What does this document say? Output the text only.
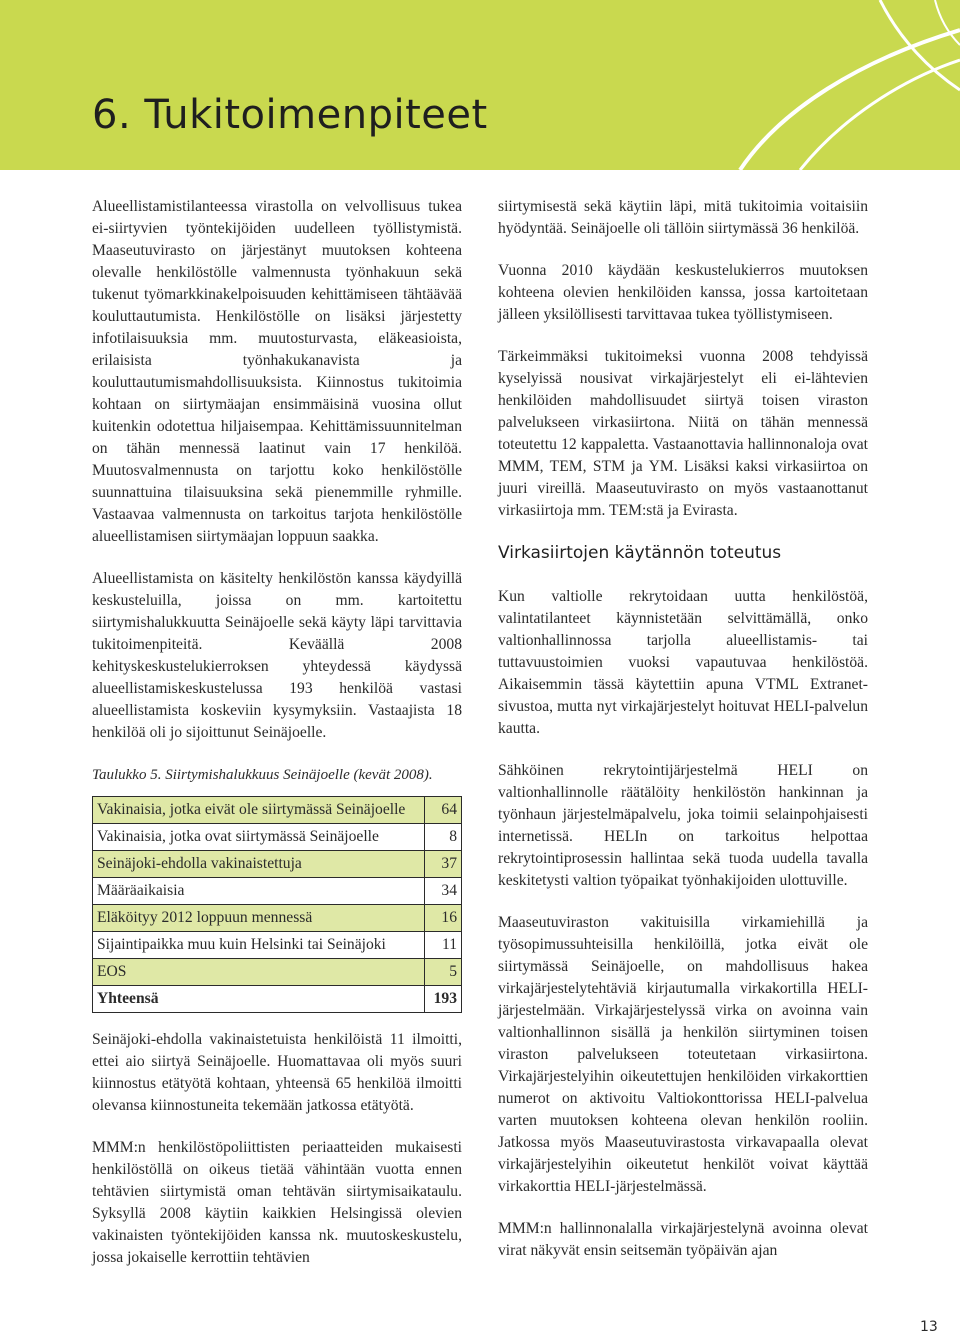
6. Tukitoimenpiteet

Alueellistamistilanteessa virastolla on velvollisuus tukea ei-siirtyvien työntekijöiden uudelleen työllistymistä. Maaseutuvirasto on järjestänyt muutoksen kohteena olevalle henkilöstölle valmennusta työnhakuun sekä tukenut työmarkkinakelpoisuuden kehittämiseen tähtäävää kouluttautumista. Henkilöstölle on lisäksi järjestetty infotilaisuuksia mm. muutosturvasta, eläkeasioista, erilaisista työnhakukanavista ja kouluttautumismahdollisuuksista. Kiinnostus tukitoimia kohtaan on siirtymäajan ensimmäisinä vuosina ollut kuitenkin odotettua hiljaisempaa. Kehittämissuunnitelman on tähän mennessä laatinut vain 17 henkilöä. Muutosvalmennusta on tarjottu koko henkilöstölle suunnattuina tilaisuuksina sekä pienemmille ryhmille. Vastaavaa valmennusta on tarkoitus tarjota henkilöstölle alueellistamisen siirtymäajan loppuun saakka.

Alueellistamista on käsitelty henkilöstön kanssa käydyillä keskusteluilla, joissa on mm. kartoitettu siirtymishalukkuutta Seinäjoelle sekä käyty läpi tarvittavia tukitoimenpiteitä. Keväällä 2008 kehityskeskustelukierroksen yhteydessä käydyssä alueellistamiskeskustelussa 193 henkilöä vastasi alueellistamista koskeviin kysymyksiin. Vastaajista 18 henkilöä oli jo sijoittunut Seinäjoelle.

Taulukko 5. Siirtymishalukkuus Seinäjoelle (kevät 2008).
Vakinaisia, jotka eivät ole siirtymässä Seinäjoelle	64
Vakinaisia, jotka ovat siirtymässä Seinäjoelle	8
Seinäjoki-ehdolla vakinaistettuja	37
Määräaikaisia	34
Eläköityy 2012 loppuun mennessä	16
Sijaintipaikka muu kuin Helsinki tai Seinäjoki	11
EOS	5
Yhteensä	193

Seinäjoki-ehdolla vakinaistetuista henkilöistä 11 ilmoitti, ettei aio siirtyä Seinäjoelle. Huomattavaa oli myös suuri kiinnostus etätyötä kohtaan, yhteensä 65 henkilöä ilmoitti olevansa kiinnostuneita tekemään jatkossa etätyötä.

MMM:n henkilöstöpoliittisten periaatteiden mukaisesti henkilöstöllä on oikeus tietää vähintään vuotta ennen tehtävien siirtymistä oman tehtävän siirtymisaikataulu. Syksyllä 2008 käytiin kaikkien Helsingissä olevien vakinaisten työntekijöiden kanssa nk. muutoskeskustelu, jossa jokaiselle kerrottiin tehtävien

siirtymisestä sekä käytiin läpi, mitä tukitoimia voitaisiin hyödyntää. Seinäjoelle oli tällöin siirtymässä 36 henkilöä.

Vuonna 2010 käydään keskustelukierros muutoksen kohteena olevien henkilöiden kanssa, jossa kartoitetaan jälleen yksilöllisesti tarvittavaa tukea työllistymiseen.

Tärkeimmäksi tukitoimeksi vuonna 2008 tehdyissä kyselyissä nousivat virkajärjestelyt eli ei-lähtevien henkilöiden mahdollisuudet siirtyä toisen viraston palvelukseen virkasiirtona. Niitä on tähän mennessä toteutettu 12 kappaletta. Vastaanottavia hallinnonaloja ovat MMM, TEM, STM ja YM. Lisäksi kaksi virkasiirtoa on juuri vireillä. Maaseutuvirasto on myös vastaanottanut virkasiirtoja mm. TEM:stä ja Evirasta.

Virkasiirtojen käytännön toteutus

Kun valtiolle rekrytoidaan uutta henkilöstöä, valintatilanteet käynnistetään selvittämällä, onko valtionhallinnossa tarjolla alueellistamis- tai tuttavuustoimien vuoksi vapautuvaa henkilöstöä. Aikaisemmin tässä käytettiin apuna VTML Extranet-sivustoa, mutta nyt virkajärjestelyt hoituvat HELI-palvelun kautta.

Sähköinen rekrytointijärjestelmä HELI on valtionhallinnolle räätälöity henkilöstön hankinnan ja työnhaun järjestelmäpalvelu, joka toimii selainpohjaisesti internetissä. HELIn on tarkoitus helpottaa rekrytointiprosessin hallintaa sekä tuoda uudella tavalla keskitetysti valtion työpaikat työnhakijoiden ulottuville.

Maaseutuviraston vakituisilla virkamiehillä ja työsopimussuhteisilla henkilöillä, jotka eivät ole siirtymässä Seinäjoelle, on mahdollisuus hakea virkajärjestelytehtäviä kirjautumalla virkakortilla HELI-järjestelmään. Virkajärjestelyssä virka on avoinna vain valtionhallinnon sisällä ja henkilön siirtyminen toisen viraston palvelukseen toteutetaan virkasiirtona. Virkajärjestelyihin oikeutettujen henkilöiden virkakorttien numerot on aktivoitu Valtiokonttorissa HELI-palvelua varten muutoksen kohteena olevan henkilön rooliin. Jatkossa myös Maaseutuvirastosta virkavapaalla olevat virkajärjestelyihin oikeutetut henkilöt voivat käyttää virkakorttia HELI-järjestelmässä.

MMM:n hallinnonalalla virkajärjestelynä avoinna olevat virat näkyvät ensin seitsemän työpäivän ajan

13
